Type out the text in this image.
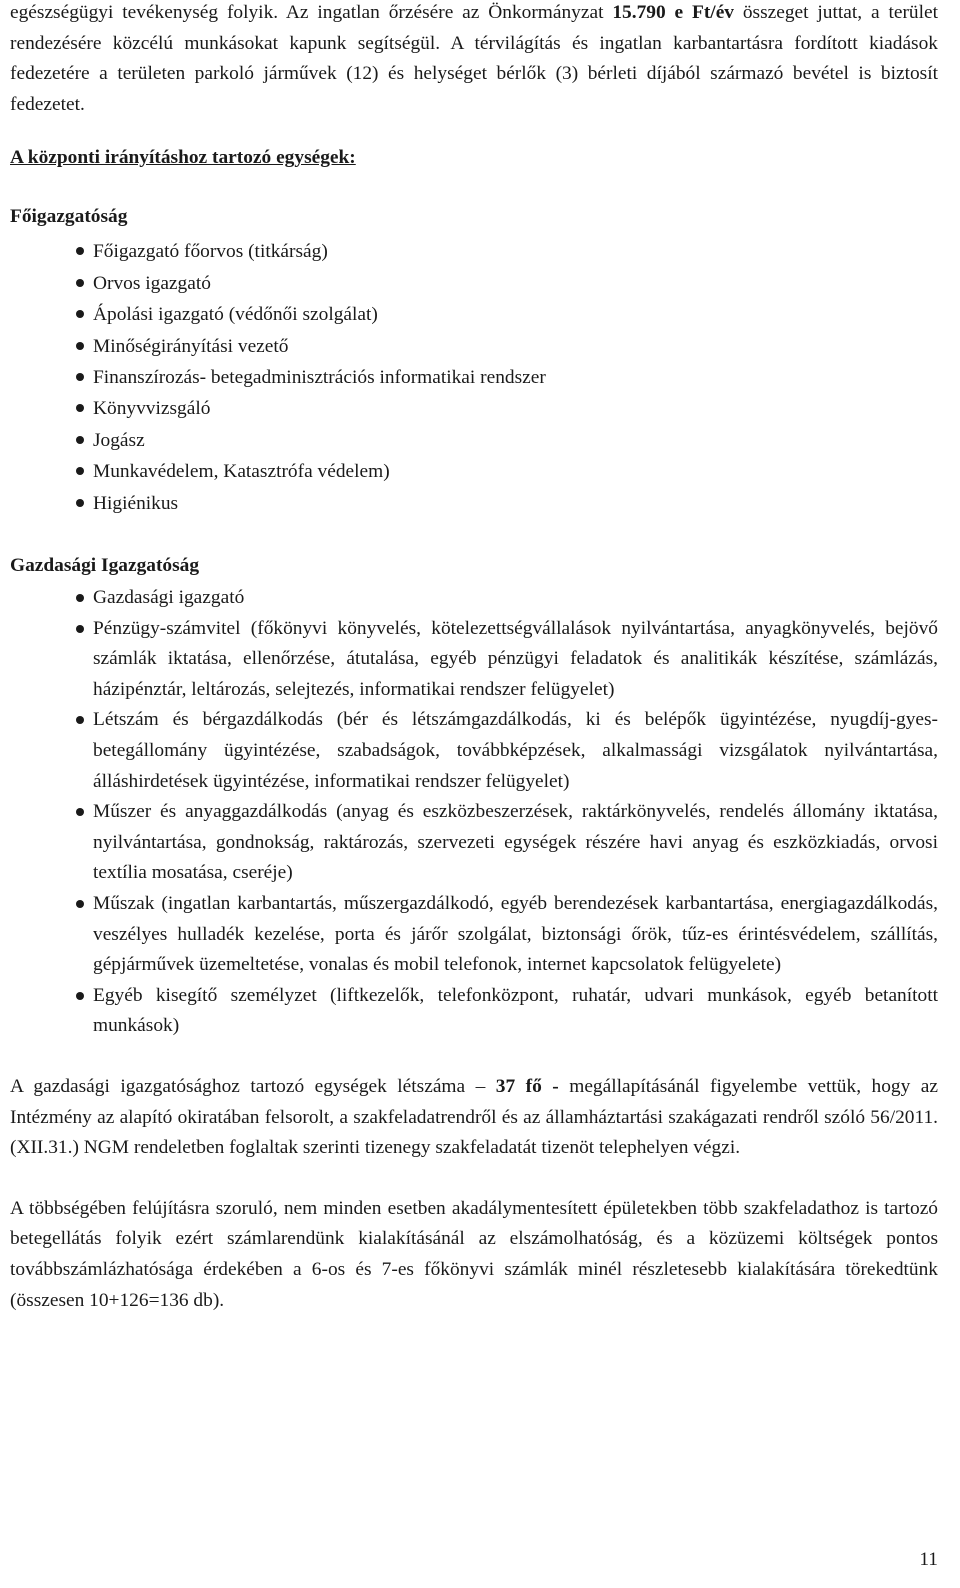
egészségügyi tevékenység folyik. Az ingatlan őrzésére az Önkormányzat 15.790 e Ft/év összeget juttat, a terület rendezésére közcélú munkásokat kapunk segítségül. A térvilágítás és ingatlan karbantartásra fordított kiadások fedezetére a területen parkoló járművek (12) és helységet bérlők (3) bérleti díjából származó bevétel is biztosít fedezetet.

A központi irányításhoz tartozó egységek:
Főigazgatóság
Főigazgató főorvos (titkárság)
Orvos igazgató
Ápolási igazgató (védőnői szolgálat)
Minőségirányítási vezető
Finanszírozás- betegadminisztrációs informatikai rendszer
Könyvvizsgáló
Jogász
Munkavédelem, Katasztrófa védelem)
Higiénikus
Gazdasági Igazgatóság
Gazdasági igazgató
Pénzügy-számvitel (főkönyvi könyvelés, kötelezettségvállalások nyilvántartása, anyagkönyvelés, bejövő számlák iktatása, ellenőrzése, átutalása, egyéb pénzügyi feladatok és analitikák készítése, számlázás, házipénztár, leltározás, selejtezés, informatikai rendszer felügyelet)
Létszám és bérgazdálkodás (bér és létszámgazdálkodás, ki és belépők ügyintézése, nyugdíj-gyes- betegállomány ügyintézése, szabadságok, továbbképzések, alkalmassági vizsgálatok nyilvántartása, álláshirdetések ügyintézése, informatikai rendszer felügyelet)
Műszer és anyaggazdálkodás (anyag és eszközbeszerzések, raktárkönyvelés, rendelés állomány iktatása, nyilvántartása, gondnokság, raktározás, szervezeti egységek részére havi anyag és eszközkiadás, orvosi textília mosatása, cseréje)
Műszak (ingatlan karbantartás, műszergazdálkodó, egyéb berendezések karbantartása, energiagazdálkodás, veszélyes hulladék kezelése, porta és járőr szolgálat, biztonsági őrök, tűz-es érintésvédelem, szállítás, gépjárművek üzemeltetése, vonalas és mobil telefonok, internet kapcsolatok felügyelete)
Egyéb kisegítő személyzet (liftkezelők, telefonközpont, ruhatár, udvari munkások, egyéb betanított munkások)

A gazdasági igazgatósághoz tartozó egységek létszáma – 37 fő - megállapításánál figyelembe vettük, hogy az Intézmény az alapító okiratában felsorolt, a szakfeladatrendről és az államháztartási szakágazati rendről szóló 56/2011.(XII.31.) NGM rendeletben foglaltak szerinti tizenegy szakfeladatát tizenöt telephelyen végzi.

A többségében felújításra szoruló, nem minden esetben akadálymentesített épületekben több szakfeladathoz is tartozó betegellátás folyik ezért számlarendünk kialakításánál az elszámolhatóság, és a közüzemi költségek pontos továbbszámlázhatósága érdekében a 6-os és 7-es főkönyvi számlák minél részletesebb kialakítására törekedtünk (összesen 10+126=136 db).

11
